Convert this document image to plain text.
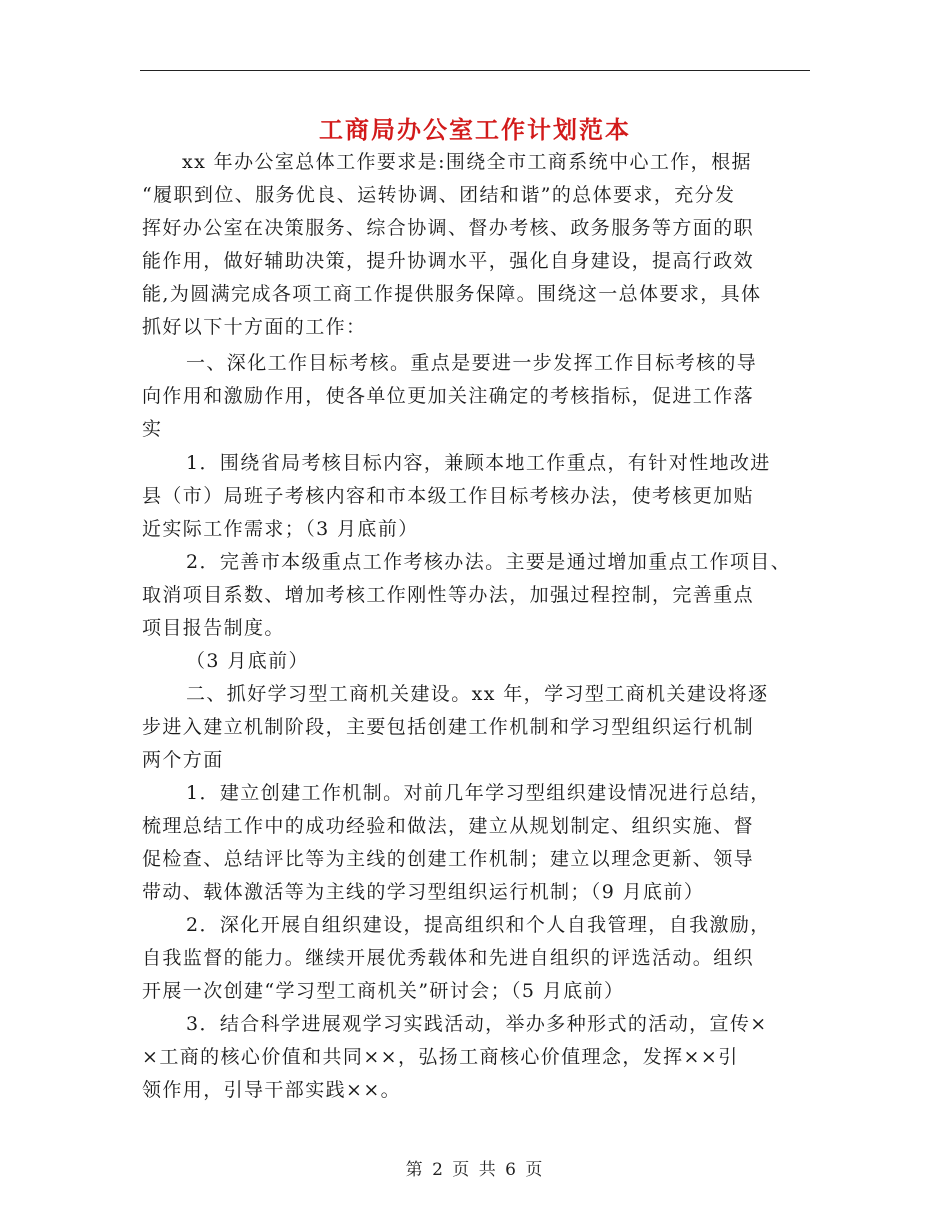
工商局办公室工作计划范本
xx 年办公室总体工作要求是:围绕全市工商系统中心工作，根据
“履职到位、服务优良、运转协调、团结和谐”的总体要求，充分发
挥好办公室在决策服务、综合协调、督办考核、政务服务等方面的职
能作用，做好辅助决策，提升协调水平，强化自身建设，提高行政效
能,为圆满完成各项工商工作提供服务保障。围绕这一总体要求，具体
抓好以下十方面的工作：
一、深化工作目标考核。重点是要进一步发挥工作目标考核的导
向作用和激励作用，使各单位更加关注确定的考核指标，促进工作落
实
1．围绕省局考核目标内容，兼顾本地工作重点，有针对性地改进
县（市）局班子考核内容和市本级工作目标考核办法，使考核更加贴
近实际工作需求；（3 月底前）
2．完善市本级重点工作考核办法。主要是通过增加重点工作项目、
取消项目系数、增加考核工作刚性等办法，加强过程控制，完善重点
项目报告制度。
（3 月底前）
二、抓好学习型工商机关建设。xx 年，学习型工商机关建设将逐
步进入建立机制阶段，主要包括创建工作机制和学习型组织运行机制
两个方面
1．建立创建工作机制。对前几年学习型组织建设情况进行总结，
梳理总结工作中的成功经验和做法，建立从规划制定、组织实施、督
促检查、总结评比等为主线的创建工作机制；建立以理念更新、领导
带动、载体激活等为主线的学习型组织运行机制；（9 月底前）
2．深化开展自组织建设，提高组织和个人自我管理，自我激励，
自我监督的能力。继续开展优秀载体和先进自组织的评选活动。组织
开展一次创建“学习型工商机关”研讨会；（5 月底前）
3．结合科学进展观学习实践活动，举办多种形式的活动，宣传×
×工商的核心价值和共同××，弘扬工商核心价值理念，发挥××引
领作用，引导干部实践××。
第 2 页 共 6 页
